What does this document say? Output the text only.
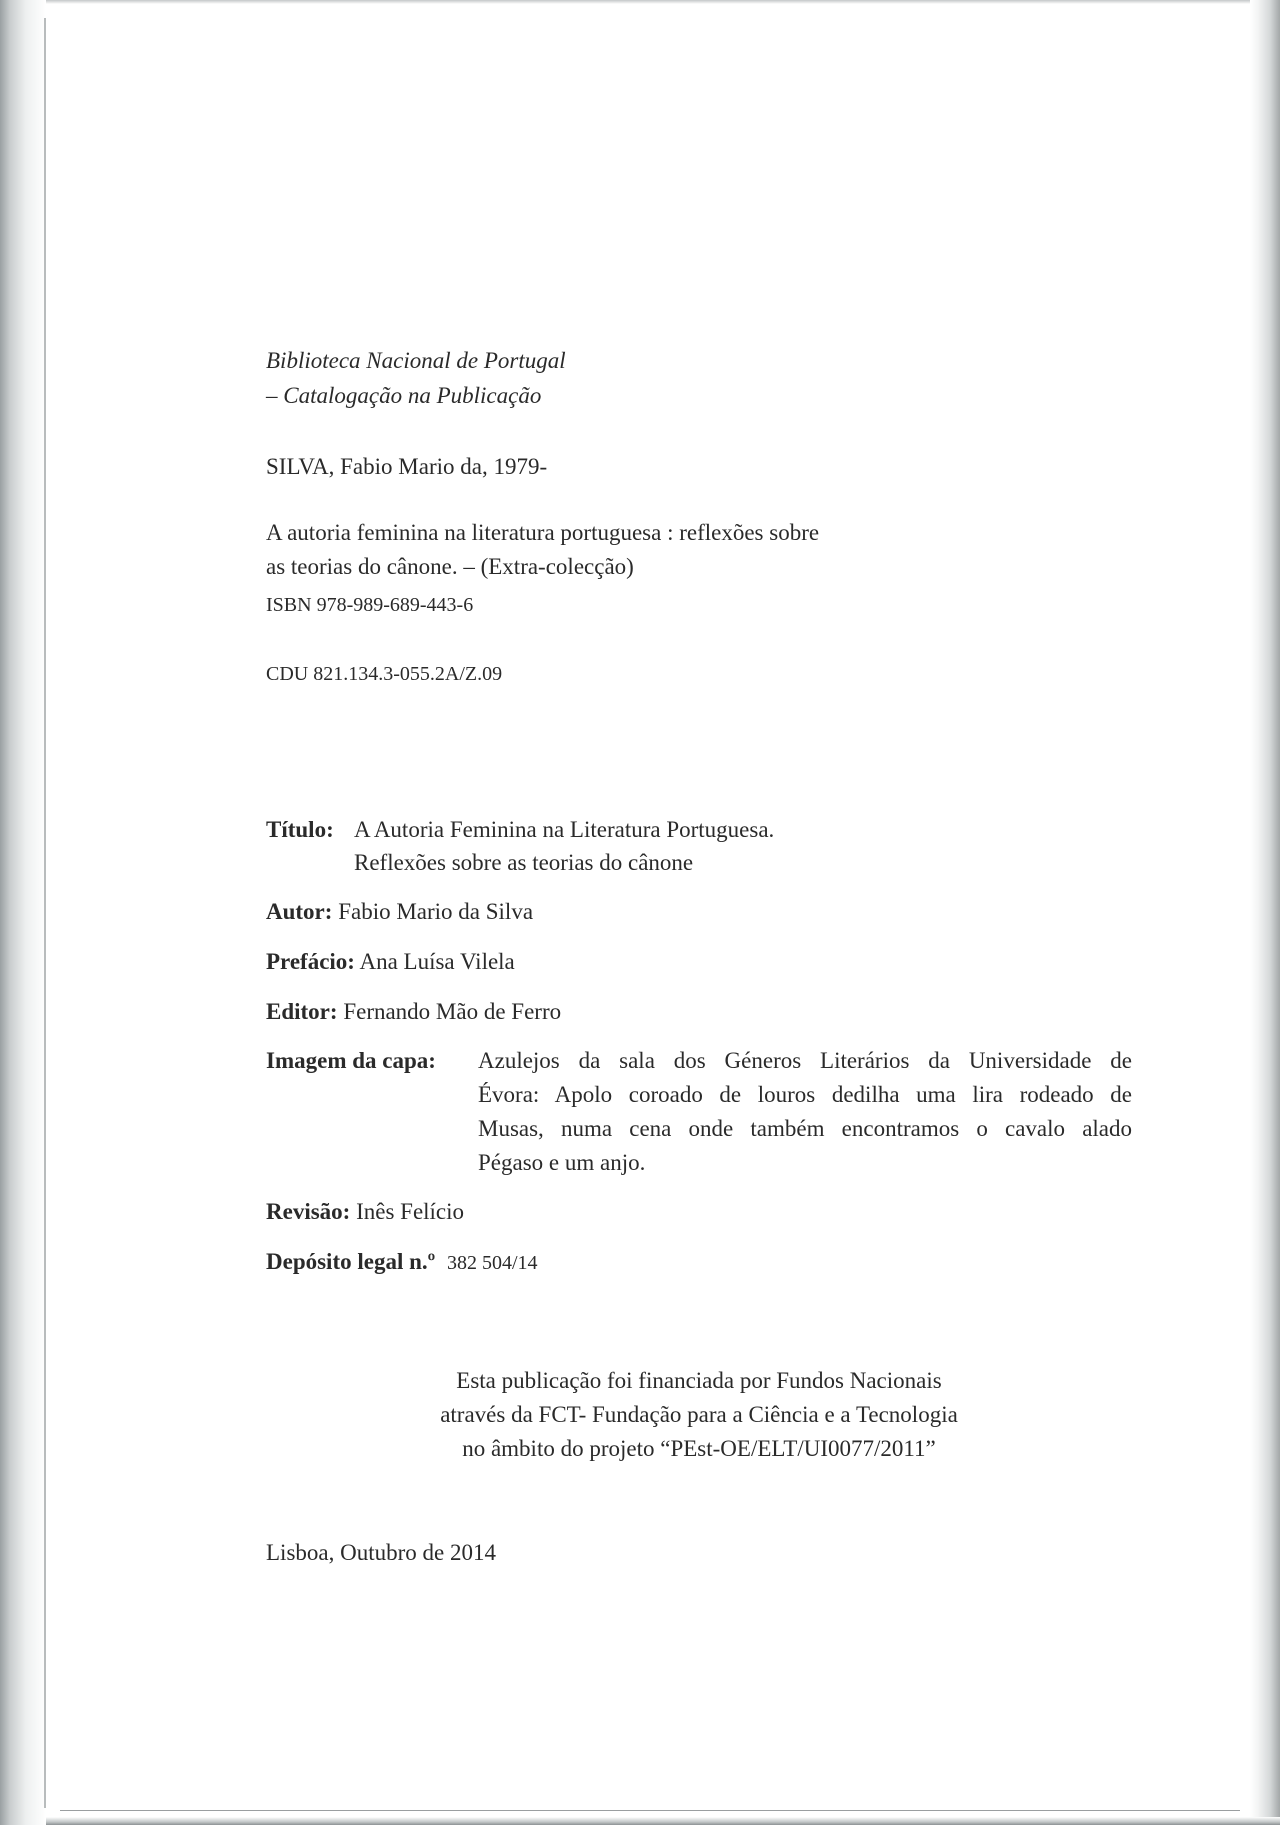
Biblioteca Nacional de Portugal
– Catalogação na Publicação
SILVA, Fabio Mario da, 1979-
A autoria feminina na literatura portuguesa : reflexões sobre
as teorias do cânone. – (Extra-colecção)
ISBN 978-989-689-443-6
CDU 821.134.3-055.2A/Z.09
Título: A Autoria Feminina na Literatura Portuguesa.
Reflexões sobre as teorias do cânone
Autor: Fabio Mario da Silva
Prefácio: Ana Luísa Vilela
Editor: Fernando Mão de Ferro
Imagem da capa: Azulejos da sala dos Géneros Literários da Universidade de
Évora: Apolo coroado de louros dedilha uma lira rodeado de
Musas, numa cena onde também encontramos o cavalo alado
Pégaso e um anjo.
Revisão: Inês Felício
Depósito legal n.º 382 504/14
Esta publicação foi financiada por Fundos Nacionais
através da FCT- Fundação para a Ciência e a Tecnologia
no âmbito do projeto “PEst-OE/ELT/UI0077/2011”
Lisboa, Outubro de 2014
